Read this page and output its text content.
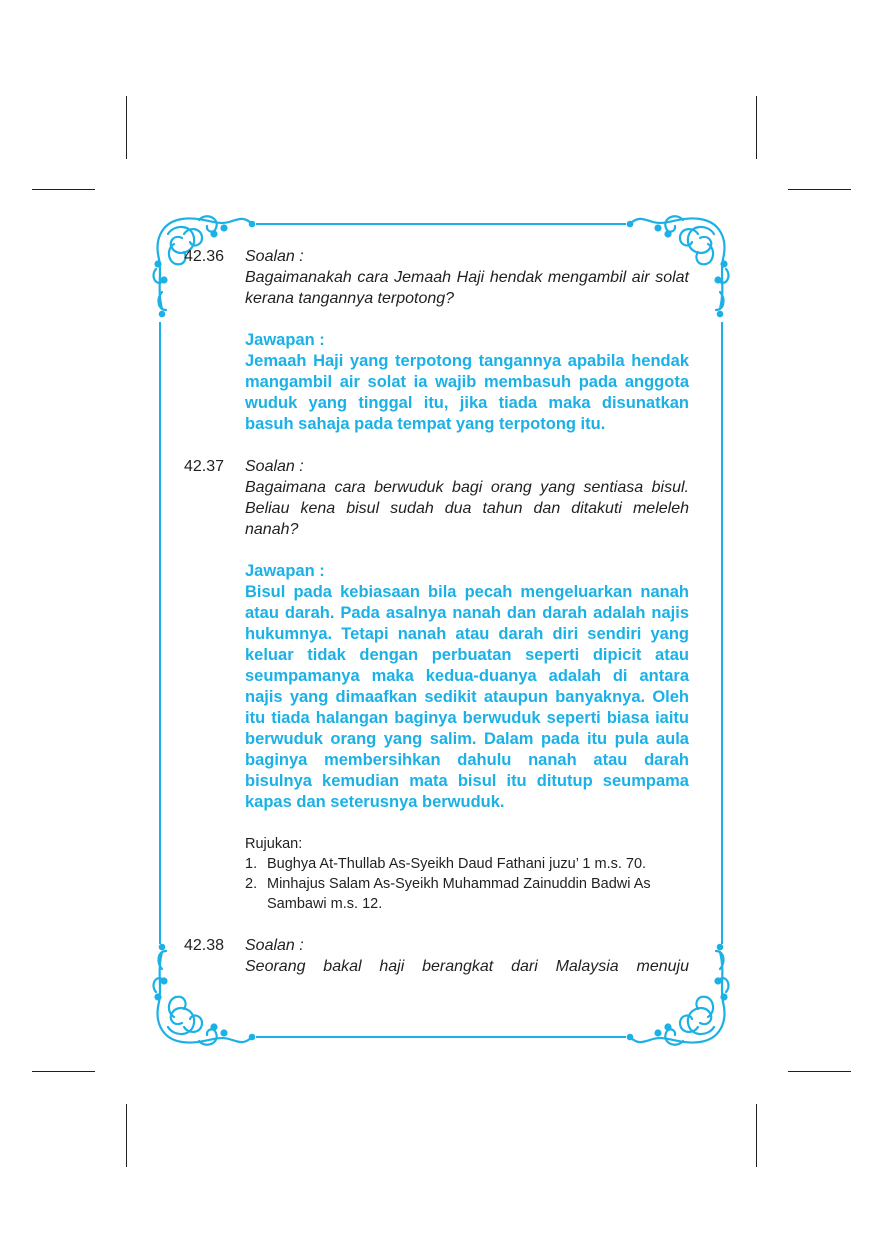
42.36 Soalan :
Bagaimanakah cara Jemaah Haji hendak mengambil air solat kerana tangannya terpotong?
Jawapan :
Jemaah Haji yang terpotong tangannya apabila hendak mangambil air solat ia wajib membasuh pada anggota wuduk yang tinggal itu, jika tiada maka disunatkan basuh sahaja pada tempat yang terpotong itu.
42.37 Soalan :
Bagaimana cara berwuduk bagi orang yang sentiasa bisul. Beliau kena bisul sudah dua tahun dan ditakuti meleleh nanah?
Jawapan :
Bisul pada kebiasaan bila pecah mengeluarkan nanah atau darah. Pada asalnya nanah dan darah adalah najis hukumnya. Tetapi nanah atau darah diri sendiri yang keluar tidak dengan perbuatan seperti dipicit atau seumpamanya maka kedua-duanya adalah di antara najis yang dimaafkan sedikit ataupun banyaknya. Oleh itu tiada halangan baginya berwuduk seperti biasa iaitu berwuduk orang yang salim. Dalam pada itu pula aula baginya membersihkan dahulu nanah atau darah bisulnya kemudian mata bisul itu ditutup seumpama kapas dan seterusnya berwuduk.
Rujukan:
1. Bughya At-Thullab As-Syeikh Daud Fathani juzu’ 1 m.s. 70.
2. Minhajus Salam As-Syeikh Muhammad Zainuddin Badwi As Sambawi m.s. 12.
42.38 Soalan :
Seorang bakal haji berangkat dari Malaysia menuju
